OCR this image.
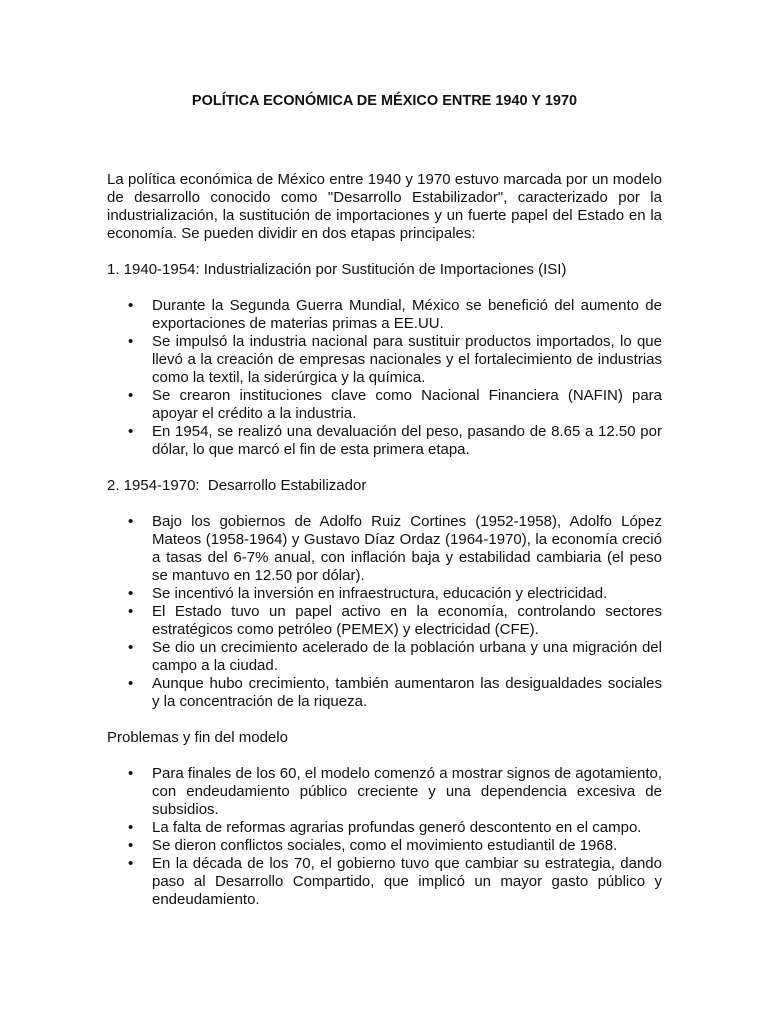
POLÍTICA ECONÓMICA DE MÉXICO ENTRE 1940 Y 1970

La política económica de México entre 1940 y 1970 estuvo marcada por un modelo de desarrollo conocido como "Desarrollo Estabilizador", caracterizado por la industrialización, la sustitución de importaciones y un fuerte papel del Estado en la economía. Se pueden dividir en dos etapas principales:

1. 1940-1954: Industrialización por Sustitución de Importaciones (ISI)
• Durante la Segunda Guerra Mundial, México se benefició del aumento de exportaciones de materias primas a EE.UU.
• Se impulsó la industria nacional para sustituir productos importados, lo que llevó a la creación de empresas nacionales y el fortalecimiento de industrias como la textil, la siderúrgica y la química.
• Se crearon instituciones clave como Nacional Financiera (NAFIN) para apoyar el crédito a la industria.
• En 1954, se realizó una devaluación del peso, pasando de 8.65 a 12.50 por dólar, lo que marcó el fin de esta primera etapa.
2. 1954-1970:  Desarrollo Estabilizador
• Bajo los gobiernos de Adolfo Ruiz Cortines (1952-1958), Adolfo López Mateos (1958-1964) y Gustavo Díaz Ordaz (1964-1970), la economía creció a tasas del 6-7% anual, con inflación baja y estabilidad cambiaria (el peso se mantuvo en 12.50 por dólar).
• Se incentivó la inversión en infraestructura, educación y electricidad.
• El Estado tuvo un papel activo en la economía, controlando sectores estratégicos como petróleo (PEMEX) y electricidad (CFE).
• Se dio un crecimiento acelerado de la población urbana y una migración del campo a la ciudad.
• Aunque hubo crecimiento, también aumentaron las desigualdades sociales y la concentración de la riqueza.
Problemas y fin del modelo
• Para finales de los 60, el modelo comenzó a mostrar signos de agotamiento, con endeudamiento público creciente y una dependencia excesiva de subsidios.
• La falta de reformas agrarias profundas generó descontento en el campo.
• Se dieron conflictos sociales, como el movimiento estudiantil de 1968.
• En la década de los 70, el gobierno tuvo que cambiar su estrategia, dando paso al Desarrollo Compartido, que implicó un mayor gasto público y endeudamiento.
